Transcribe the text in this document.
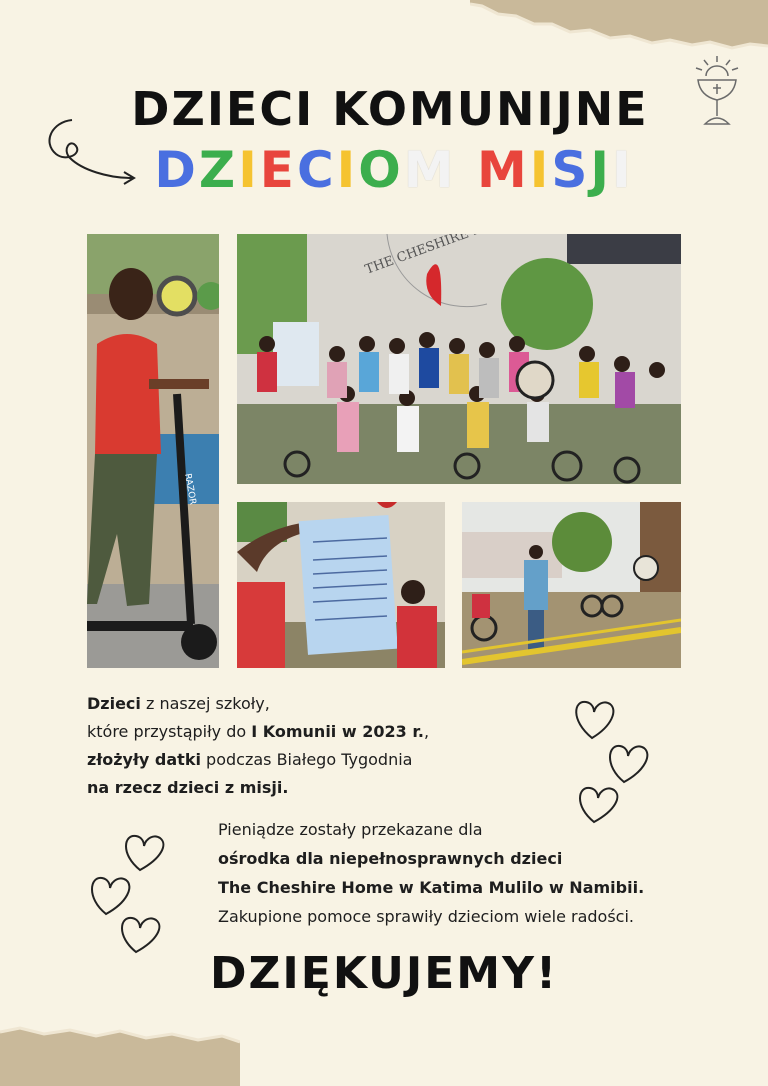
DZIECI KOMUNIJNE
DZIECIOM MISJI
RAZOR
Dzieci z naszej szkoły,
które przystąpiły do I Komunii w 2023 r.,
złożyły datki podczas Białego Tygodnia
na rzecz dzieci z misji.
Pieniądze zostały przekazane dla
ośrodka dla niepełnosprawnych dzieci
The Cheshire Home w Katima Mulilo w Namibii.
Zakupione pomoce sprawiły dzieciom wiele radości.
DZIĘKUJEMY!
